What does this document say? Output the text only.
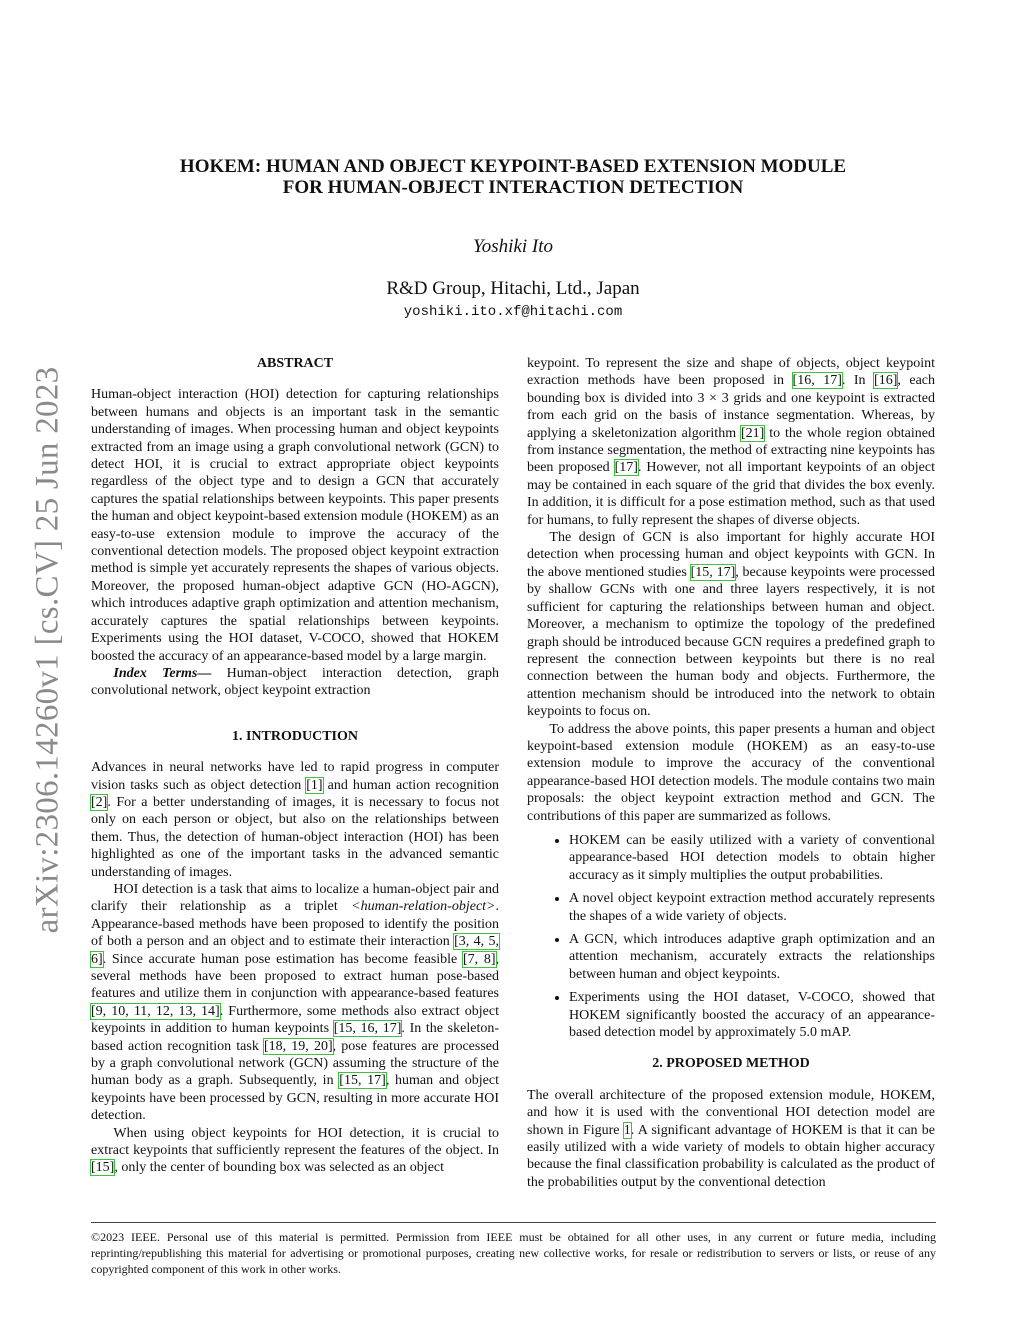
arXiv:2306.14260v1 [cs.CV] 25 Jun 2023
HOKEM: HUMAN AND OBJECT KEYPOINT-BASED EXTENSION MODULE
FOR HUMAN-OBJECT INTERACTION DETECTION
Yoshiki Ito
R&D Group, Hitachi, Ltd., Japan
yoshiki.ito.xf@hitachi.com
ABSTRACT

Human-object interaction (HOI) detection for capturing relationships between humans and objects is an important task in the semantic understanding of images. When processing human and object keypoints extracted from an image using a graph convolutional network (GCN) to detect HOI, it is crucial to extract appropriate object keypoints regardless of the object type and to design a GCN that accurately captures the spatial relationships between keypoints. This paper presents the human and object keypoint-based extension module (HOKEM) as an easy-to-use extension module to improve the accuracy of the conventional detection models. The proposed object keypoint extraction method is simple yet accurately represents the shapes of various objects. Moreover, the proposed human-object adaptive GCN (HO-AGCN), which introduces adaptive graph optimization and attention mechanism, accurately captures the spatial relationships between keypoints. Experiments using the HOI dataset, V-COCO, showed that HOKEM boosted the accuracy of an appearance-based model by a large margin.

Index Terms— Human-object interaction detection, graph convolutional network, object keypoint extraction

1. INTRODUCTION

Advances in neural networks have led to rapid progress in computer vision tasks such as object detection [1] and human action recognition [2]. For a better understanding of images, it is necessary to focus not only on each person or object, but also on the relationships between them. Thus, the detection of human-object interaction (HOI) has been highlighted as one of the important tasks in the advanced semantic understanding of images.

HOI detection is a task that aims to localize a human-object pair and clarify their relationship as a triplet <human-relation-object>. Appearance-based methods have been proposed to identify the position of both a person and an object and to estimate their interaction [3, 4, 5, 6]. Since accurate human pose estimation has become feasible [7, 8], several methods have been proposed to extract human pose-based features and utilize them in conjunction with appearance-based features [9, 10, 11, 12, 13, 14]. Furthermore, some methods also extract object keypoints in addition to human keypoints [15, 16, 17]. In the skeleton-based action recognition task [18, 19, 20], pose features are processed by a graph convolutional network (GCN) assuming the structure of the human body as a graph. Subsequently, in [15, 17], human and object keypoints have been processed by GCN, resulting in more accurate HOI detection.

When using object keypoints for HOI detection, it is crucial to extract keypoints that sufficiently represent the features of the object. In [15], only the center of bounding box was selected as an object

keypoint. To represent the size and shape of objects, object keypoint exraction methods have been proposed in [16, 17]. In [16], each bounding box is divided into 3 × 3 grids and one keypoint is extracted from each grid on the basis of instance segmentation. Whereas, by applying a skeletonization algorithm [21] to the whole region obtained from instance segmentation, the method of extracting nine keypoints has been proposed [17]. However, not all important keypoints of an object may be contained in each square of the grid that divides the box evenly. In addition, it is difficult for a pose estimation method, such as that used for humans, to fully represent the shapes of diverse objects.

The design of GCN is also important for highly accurate HOI detection when processing human and object keypoints with GCN. In the above mentioned studies [15, 17], because keypoints were processed by shallow GCNs with one and three layers respectively, it is not sufficient for capturing the relationships between human and object. Moreover, a mechanism to optimize the topology of the predefined graph should be introduced because GCN requires a predefined graph to represent the connection between keypoints but there is no real connection between the human body and objects. Furthermore, the attention mechanism should be introduced into the network to obtain keypoints to focus on.

To address the above points, this paper presents a human and object keypoint-based extension module (HOKEM) as an easy-to-use extension module to improve the accuracy of the conventional appearance-based HOI detection models. The module contains two main proposals: the object keypoint extraction method and GCN. The contributions of this paper are summarized as follows.

• HOKEM can be easily utilized with a variety of conventional appearance-based HOI detection models to obtain higher accuracy as it simply multiplies the output probabilities.
• A novel object keypoint extraction method accurately represents the shapes of a wide variety of objects.
• A GCN, which introduces adaptive graph optimization and an attention mechanism, accurately extracts the relationships between human and object keypoints.
• Experiments using the HOI dataset, V-COCO, showed that HOKEM significantly boosted the accuracy of an appearance-based detection model by approximately 5.0 mAP.
2. PROPOSED METHOD

The overall architecture of the proposed extension module, HOKEM, and how it is used with the conventional HOI detection model are shown in Figure 1. A significant advantage of HOKEM is that it can be easily utilized with a wide variety of models to obtain higher accuracy because the final classification probability is calculated as the product of the probabilities output by the conventional detection

©2023 IEEE. Personal use of this material is permitted. Permission from IEEE must be obtained for all other uses, in any current or future media, including reprinting/republishing this material for advertising or promotional purposes, creating new collective works, for resale or redistribution to servers or lists, or reuse of any copyrighted component of this work in other works.
